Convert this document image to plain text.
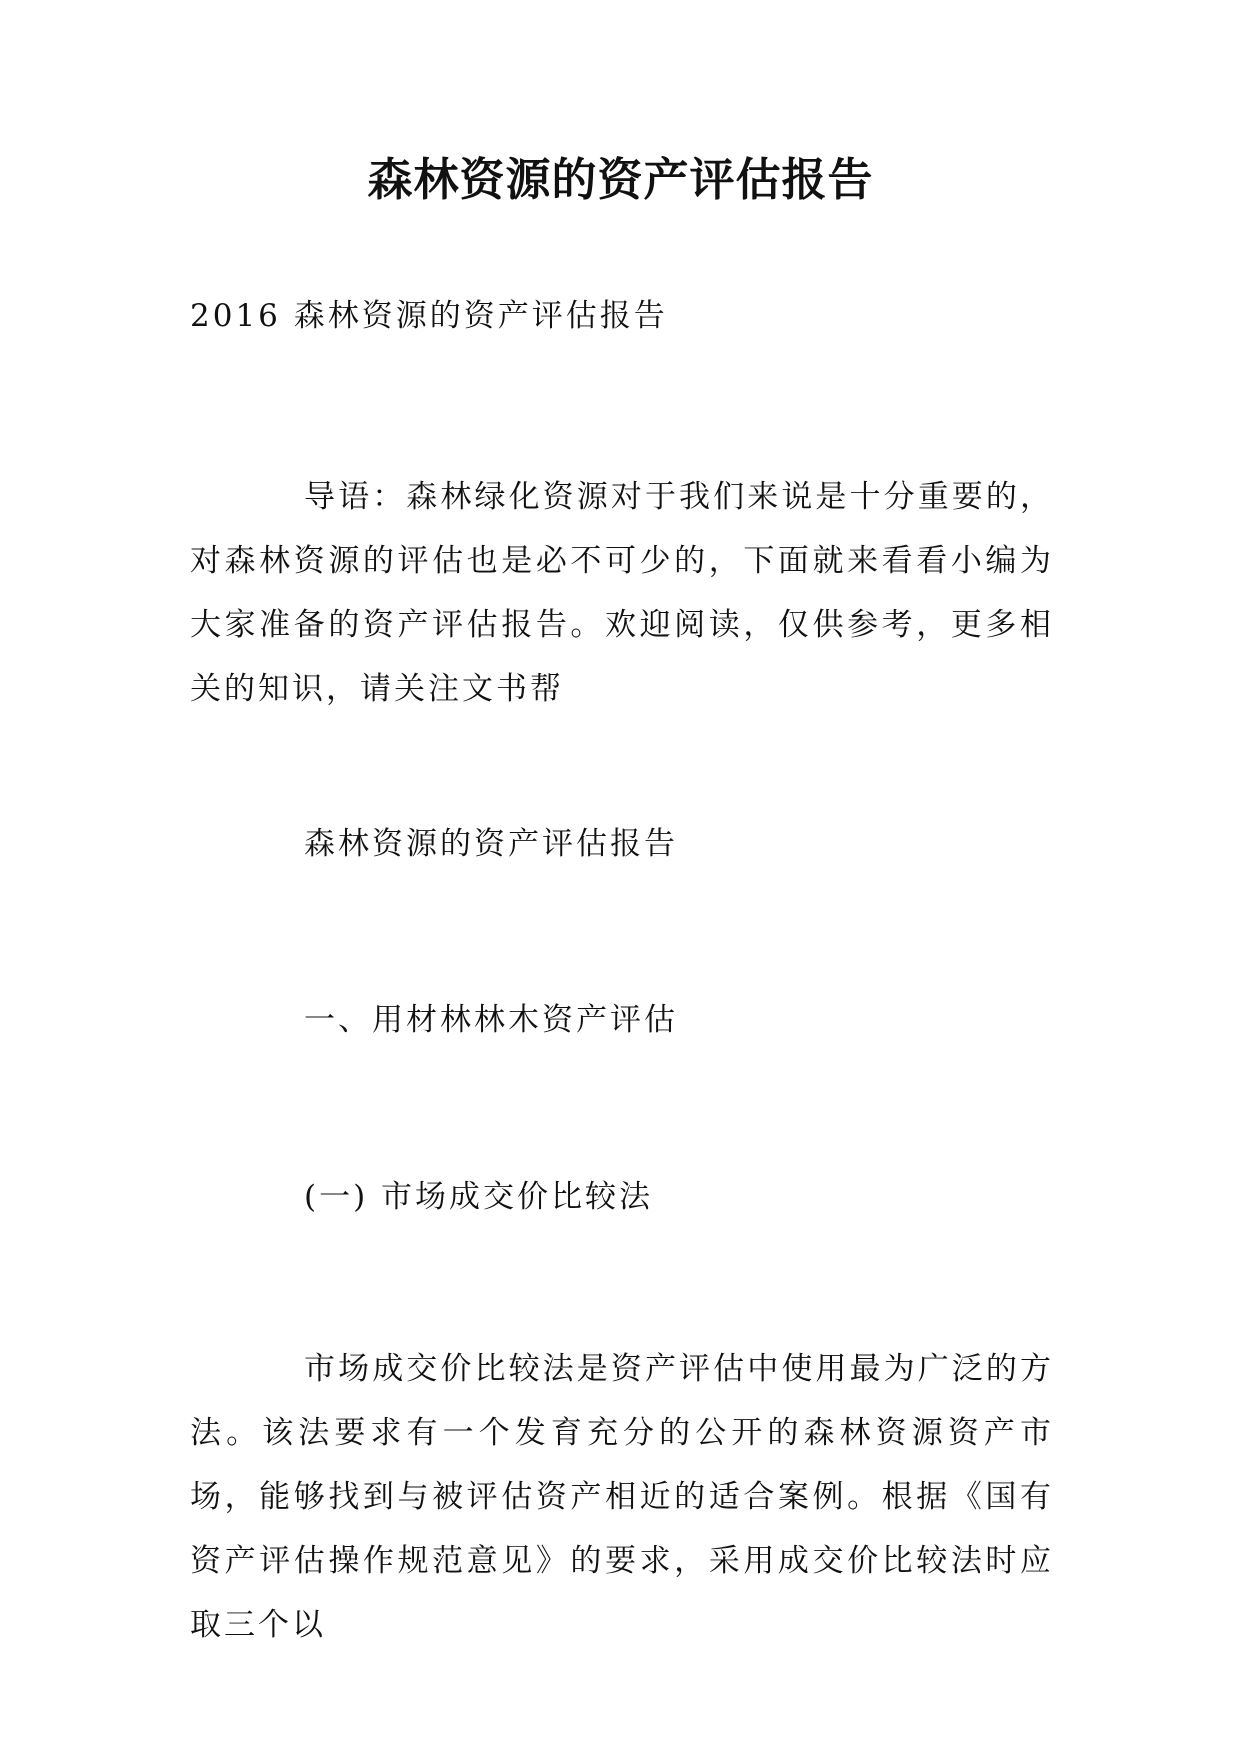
森林资源的资产评估报告

2016 森林资源的资产评估报告

导语：森林绿化资源对于我们来说是十分重要的，对森林资源的评估也是必不可少的，下面就来看看小编为大家准备的资产评估报告。欢迎阅读，仅供参考，更多相关的知识，请关注文书帮

森林资源的资产评估报告

一、用材林林木资产评估

(一) 市场成交价比较法

市场成交价比较法是资产评估中使用最为广泛的方法。该法要求有一个发育充分的公开的森林资源资产市场，能够找到与被评估资产相近的适合案例。根据《国有资产评估操作规范意见》的要求，采用成交价比较法时应取三个以
